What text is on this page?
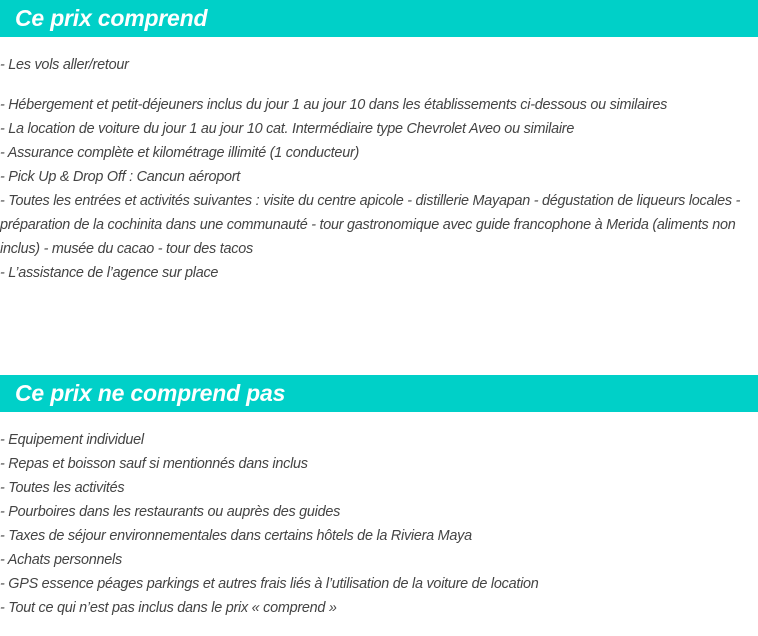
Ce prix comprend
- Les vols aller/retour
- Hébergement et petit-déjeuners inclus du jour 1 au jour 10 dans les établissements ci-dessous ou similaires
- La location de voiture du jour 1 au jour 10 cat. Intermédiaire type Chevrolet Aveo ou similaire
- Assurance complète et kilométrage illimité (1 conducteur)
- Pick Up & Drop Off : Cancun aéroport
- Toutes les entrées et activités suivantes : visite du centre apicole - distillerie Mayapan - dégustation de liqueurs locales - préparation de la cochinita dans une communauté - tour gastronomique avec guide francophone à Merida (aliments non inclus) - musée du cacao - tour des tacos
- L’assistance de l’agence sur place
Ce prix ne comprend pas
- Equipement individuel
- Repas et boisson sauf si mentionnés dans inclus
- Toutes les activités
- Pourboires dans les restaurants ou auprès des guides
- Taxes de séjour environnementales dans certains hôtels de la Riviera Maya
- Achats personnels
- GPS essence péages parkings et autres frais liés à l’utilisation de la voiture de location
- Tout ce qui n’est pas inclus dans le prix « comprend »
